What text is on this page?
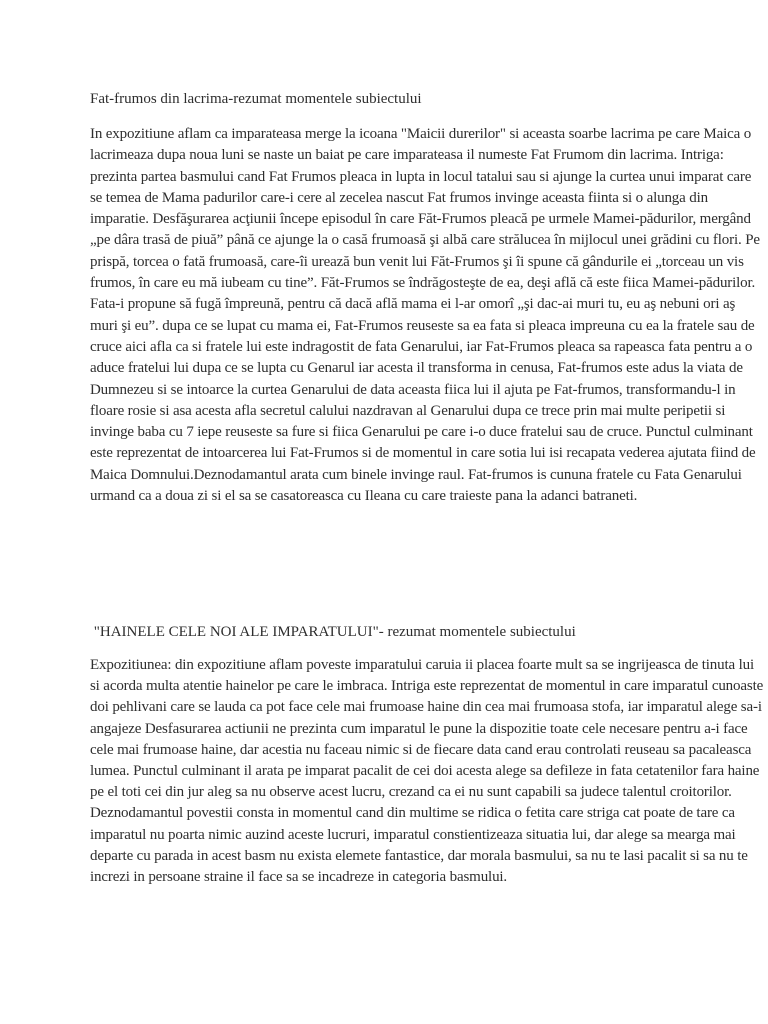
Fat-frumos din lacrima-rezumat momentele subiectului

In expozitiune aflam ca imparateasa merge la icoana "Maicii durerilor" si aceasta soarbe lacrima pe care Maica o lacrimeaza dupa noua luni se naste un baiat pe care imparateasa il numeste Fat Frumom din lacrima. Intriga: prezinta partea basmului cand Fat Frumos pleaca in lupta in locul tatalui sau si ajunge la curtea unui imparat care se temea de Mama padurilor care-i cere al zecelea nascut Fat frumos invinge aceasta fiinta si o alunga din imparatie. Desfăşurarea acţiunii începe episodul în care Făt-Frumos pleacă pe urmele Mamei-pădurilor, mergând „pe dâra trasă de piuă” până ce ajunge la o casă frumoasă şi albă care strălucea în mijlocul unei grădini cu flori. Pe prispă, torcea o fată frumoasă, care-îi urează bun venit lui Făt-Frumos şi îi spune că gândurile ei „torceau un vis frumos, în care eu mă iubeam cu tine”. Făt-Frumos se îndrăgosteşte de ea, deşi află că este fiica Mamei-pădurilor. Fata-i propune să fugă împreună, pentru că dacă află mama ei l-ar omorî „şi dac-ai muri tu, eu aş nebuni ori aş muri şi eu”. dupa ce se lupat cu mama ei, Fat-Frumos reuseste sa ea fata si pleaca impreuna cu ea la fratele sau de cruce aici afla ca si fratele lui este indragostit de fata Genarului, iar Fat-Frumos pleaca sa rapeasca fata pentru a o aduce fratelui lui dupa ce se lupta cu Genarul iar acesta il transforma in cenusa, Fat-frumos este adus la viata de Dumnezeu si se intoarce la curtea Genarului de data aceasta fiica lui il ajuta pe Fat-frumos, transformandu-l in floare rosie si asa acesta afla secretul calului nazdravan al Genarului dupa ce trece prin mai multe peripetii si invinge baba cu 7 iepe reuseste sa fure si fiica Genarului pe care i-o duce fratelui sau de cruce. Punctul culminant este reprezentat de intoarcerea lui Fat-Frumos si de momentul in care sotia lui isi recapata vederea ajutata fiind de Maica Domnului.Deznodamantul arata cum binele invinge raul. Fat-frumos is cununa fratele cu Fata Genarului urmand ca a doua zi si el sa se casatoreasca cu Ileana cu care traieste pana la adanci batraneti.

"HAINELE CELE NOI ALE IMPARATULUI"- rezumat momentele subiectului

Expozitiunea: din expozitiune aflam poveste imparatului caruia ii placea foarte mult sa se ingrijeasca de tinuta lui si acorda multa atentie hainelor pe care le imbraca. Intriga este reprezentat de momentul in care imparatul cunoaste doi pehlivani care se lauda ca pot face cele mai frumoase haine din cea mai frumoasa stofa, iar imparatul alege sa-i angajeze Desfasurarea actiunii ne prezinta cum imparatul le pune la dispozitie toate cele necesare pentru a-i face cele mai frumoase haine, dar acestia nu faceau nimic si de fiecare data cand erau controlati reuseau sa pacaleasca lumea. Punctul culminant il arata pe imparat pacalit de cei doi acesta alege sa defileze in fata cetatenilor fara haine pe el toti cei din jur aleg sa nu observe acest lucru, crezand ca ei nu sunt capabili sa judece talentul croitorilor. Deznodamantul povestii consta in momentul cand din multime se ridica o fetita care striga cat poate de tare ca imparatul nu poarta nimic auzind aceste lucruri, imparatul constientizeaza situatia lui, dar alege sa mearga mai departe cu parada in acest basm nu exista elemete fantastice, dar morala basmului, sa nu te lasi pacalit si sa nu te increzi in persoane straine il face sa se incadreze in categoria basmului.
